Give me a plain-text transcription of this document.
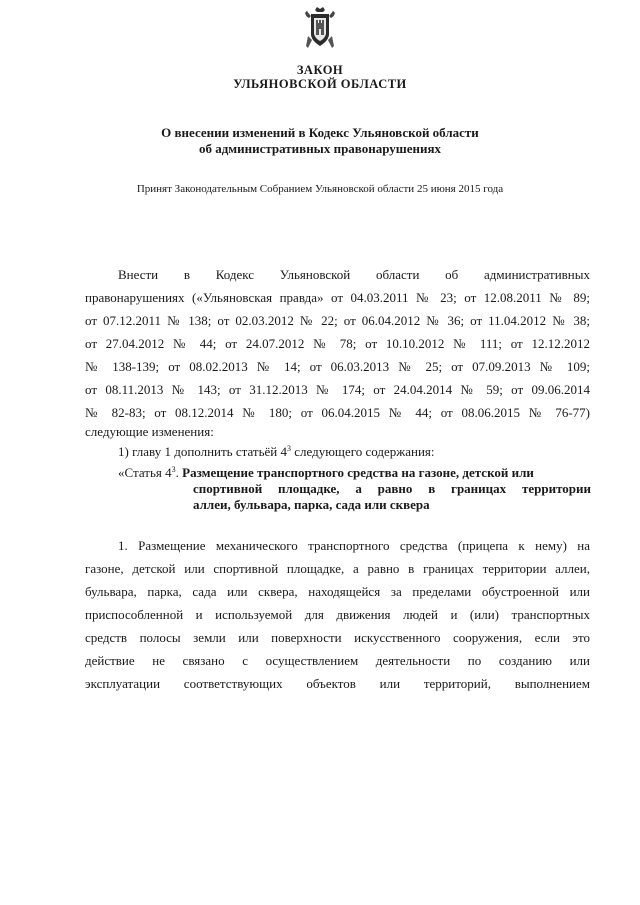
ЗАКОН
УЛЬЯНОВСКОЙ ОБЛАСТИ
О внесении изменений в Кодекс Ульяновской области
об административных правонарушениях
Принят Законодательным Собранием Ульяновской области 25 июня 2015 года
Внести в Кодекс Ульяновской области об административных
правонарушениях («Ульяновская правда» от 04.03.2011 № 23; от 12.08.2011 № 89;
от 07.12.2011 № 138; от 02.03.2012 № 22; от 06.04.2012 № 36; от 11.04.2012 № 38;
от 27.04.2012 № 44; от 24.07.2012 № 78; от 10.10.2012 № 111; от 12.12.2012
№ 138-139; от 08.02.2013 № 14; от 06.03.2013 № 25; от 07.09.2013 № 109;
от 08.11.2013 № 143; от 31.12.2013 № 174; от 24.04.2014 № 59; от 09.06.2014
№ 82-83; от 08.12.2014 № 180; от 06.04.2015 № 44; от 08.06.2015 № 76-77)
следующие изменения:
1) главу 1 дополнить статьёй $4^3$ следующего содержания:
«Статья $4^3$. Размещение транспортного средства на газоне, детской или
спортивной площадке, а равно в границах территории
аллеи, бульвара, парка, сада или сквера
1. Размещение механического транспортного средства (прицепа к нему) на
газоне, детской или спортивной площадке, а равно в границах территории аллеи,
бульвара, парка, сада или сквера, находящейся за пределами обустроенной или
приспособленной и используемой для движения людей и (или) транспортных
средств полосы земли или поверхности искусственного сооружения, если это
действие не связано с осуществлением деятельности по созданию или
эксплуатации соответствующих объектов или территорий, выполнением
